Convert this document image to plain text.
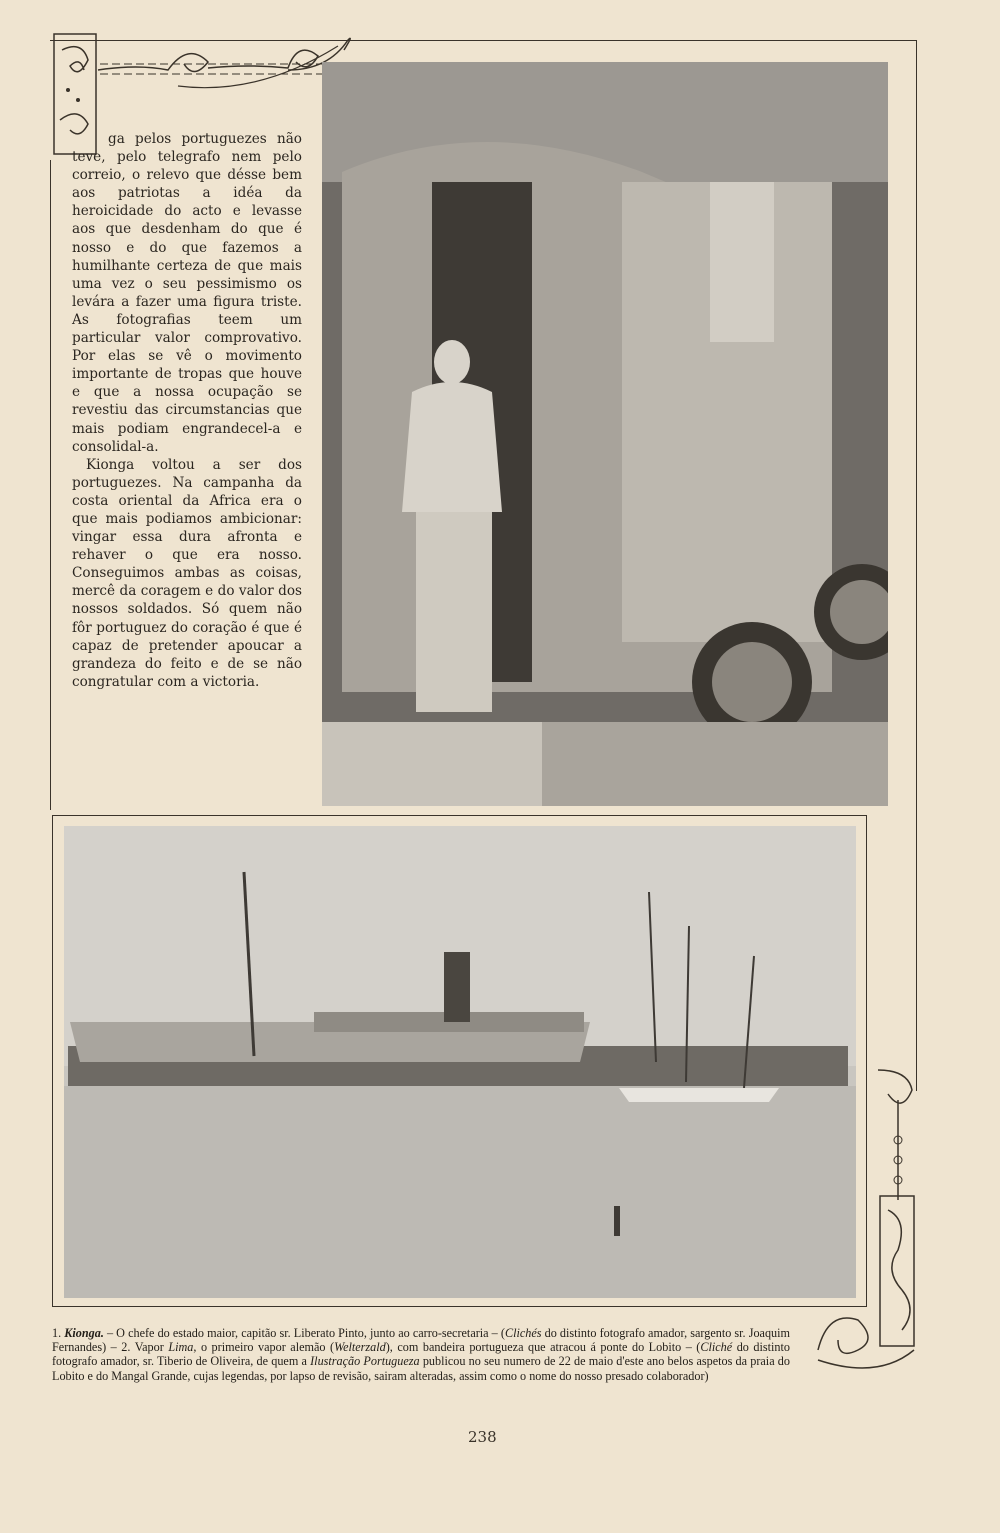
ga pelos portuguezes não teve, pelo telegrafo nem pelo correio, o relevo que désse bem aos patriotas a idéa da heroicidade do acto e levasse aos que desdenham do que é nosso e do que fazemos a humilhante certeza de que mais uma vez o seu pessimismo os levára a fazer uma figura triste. As fotografias teem um particular valor comprovativo. Por elas se vê o movimento importante de tropas que houve e que a nossa ocupação se revestiu das circumstancias que mais podiam engrandecel-a e consolidal-a.

Kionga voltou a ser dos portuguezes. Na campanha da costa oriental da Africa era o que mais podiamos ambicionar: vingar essa dura afronta e rehaver o que era nosso. Conseguimos ambas as coisas, mercê da coragem e do valor dos nossos soldados. Só quem não fôr portuguez do coração é que é capaz de pretender apoucar a grandeza do feito e de se não congratular com a victoria.

1. Kionga. – O chefe do estado maior, capitão sr. Liberato Pinto, junto ao carro-secretaria – (Clichés do distinto fotografo amador, sargento sr. Joaquim Fernandes) – 2. Vapor Lima, o primeiro vapor alemão (Welterzald), com bandeira portugueza que atracou á ponte do Lobito – (Cliché do distinto fotografo amador, sr. Tiberio de Oliveira, de quem a Ilustração Portugueza publicou no seu numero de 22 de maio d'este ano belos aspetos da praia do Lobito e do Mangal Grande, cujas legendas, por lapso de revisão, sairam alteradas, assim como o nome do nosso presado colaborador)
238
